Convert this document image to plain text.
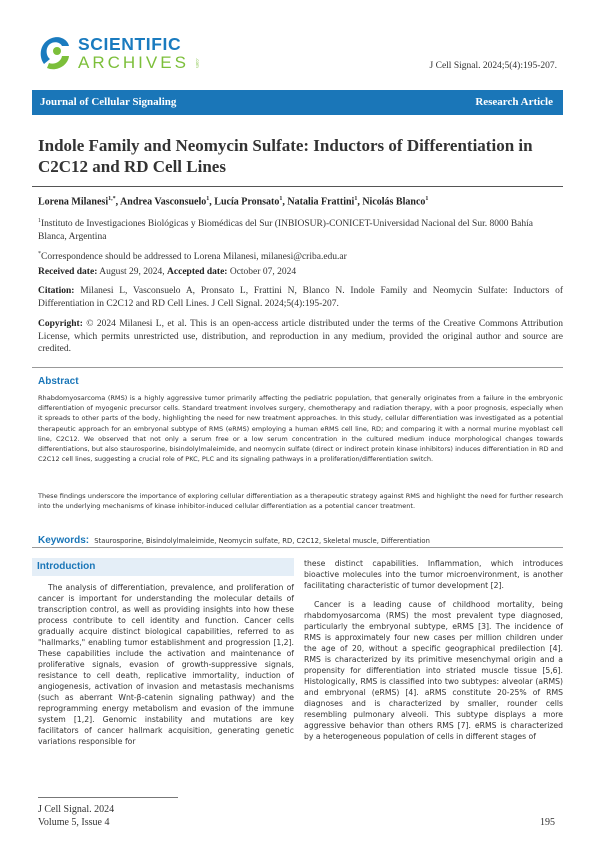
SCIENTIFIC
ARCHIVES .com	J Cell Signal. 2024;5(4):195-207.
Journal of Cellular Signaling	Research Article
Indole Family and Neomycin Sulfate: Inductors of Differentiation in C2C12 and RD Cell Lines
Lorena Milanesi$^{1,*}$, Andrea Vasconsuelo$^1$, Lucía Pronsato$^1$, Natalia Frattini$^1$, Nicolás Blanco$^1$
$^1$Instituto de Investigaciones Biológicas y Biomédicas del Sur (INBIOSUR)-CONICET-Universidad Nacional del Sur. 8000 Bahía Blanca, Argentina
*Correspondence should be addressed to Lorena Milanesi, milanesi@criba.edu.ar
Received date: August 29, 2024, Accepted date: October 07, 2024
Citation: Milanesi L, Vasconsuelo A, Pronsato L, Frattini N, Blanco N. Indole Family and Neomycin Sulfate: Inductors of Differentiation in C2C12 and RD Cell Lines. J Cell Signal. 2024;5(4):195-207.
Copyright: © 2024 Milanesi L, et al. This is an open-access article distributed under the terms of the Creative Commons Attribution License, which permits unrestricted use, distribution, and reproduction in any medium, provided the original author and source are credited.
Abstract
Rhabdomyosarcoma (RMS) is a highly aggressive tumor primarily affecting the pediatric population, that generally originates from a failure in the embryonic differentiation of myogenic precursor cells. Standard treatment involves surgery, chemotherapy and radiation therapy, with a poor prognosis, especially when it spreads to other parts of the body, highlighting the need for new treatment approaches. In this study, cellular differentiation was investigated as a potential therapeutic approach for an embryonal subtype of RMS (eRMS) employing a human eRMS cell line, RD; and comparing it with a normal murine myoblast cell line, C2C12. We observed that not only a serum free or a low serum concentration in the cultured medium induce morphological changes towards differentiations, but also staurosporine, bisindolylmaleimide, and neomycin sulfate (direct or indirect protein kinase inhibitors) induces differentiation in RD and C2C12 cell lines, suggesting a crucial role of PKC, PLC and its signaling pathways in a proliferation/differentiation switch.
These findings underscore the importance of exploring cellular differentiation as a therapeutic strategy against RMS and highlight the need for further research into the underlying mechanisms of kinase inhibitor-induced cellular differentiation as a potential cancer treatment.
Keywords: Staurosporine, Bisindolylmaleimide, Neomycin sulfate, RD, C2C12, Skeletal muscle, Differentiation
Introduction

The analysis of differentiation, prevalence, and proliferation of cancer is important for understanding the molecular details of transcription control, as well as providing insights into how these process contribute to cell identity and function. Cancer cells gradually acquire distinct biological capabilities, referred to as "hallmarks," enabling tumor establishment and progression [1,2]. These capabilities include the activation and maintenance of proliferative signals, evasion of growth-suppressive signals, resistance to cell death, replicative immortality, induction of angiogenesis, activation of invasion and metastasis mechanisms (such as aberrant Wnt-β-catenin signaling pathway) and the reprogramming energy metabolism and evasion of the immune system [1,2]. Genomic instability and mutations are key facilitators of cancer hallmark acquisition, generating genetic variations responsible for

these distinct capabilities. Inflammation, which introduces bioactive molecules into the tumor microenvironment, is another facilitating characteristic of tumor development [2].

Cancer is a leading cause of childhood mortality, being rhabdomyosarcoma (RMS) the most prevalent type diagnosed, particularly the embryonal subtype, eRMS [3]. The incidence of RMS is approximately four new cases per million children under the age of 20, without a specific geographical predilection [4]. RMS is characterized by its primitive mesenchymal origin and a propensity for differentiation into striated muscle tissue [5,6]. Histologically, RMS is classified into two subtypes: alveolar (aRMS) and embryonal (eRMS) [4]. aRMS constitute 20-25% of RMS diagnoses and is characterized by smaller, rounder cells resembling pulmonary alveoli. This subtype displays a more aggressive behavior than others RMS [7]. eRMS is characterized by a heterogeneous population of cells in different stages of

J Cell Signal. 2024
Volume 5, Issue 4	195
